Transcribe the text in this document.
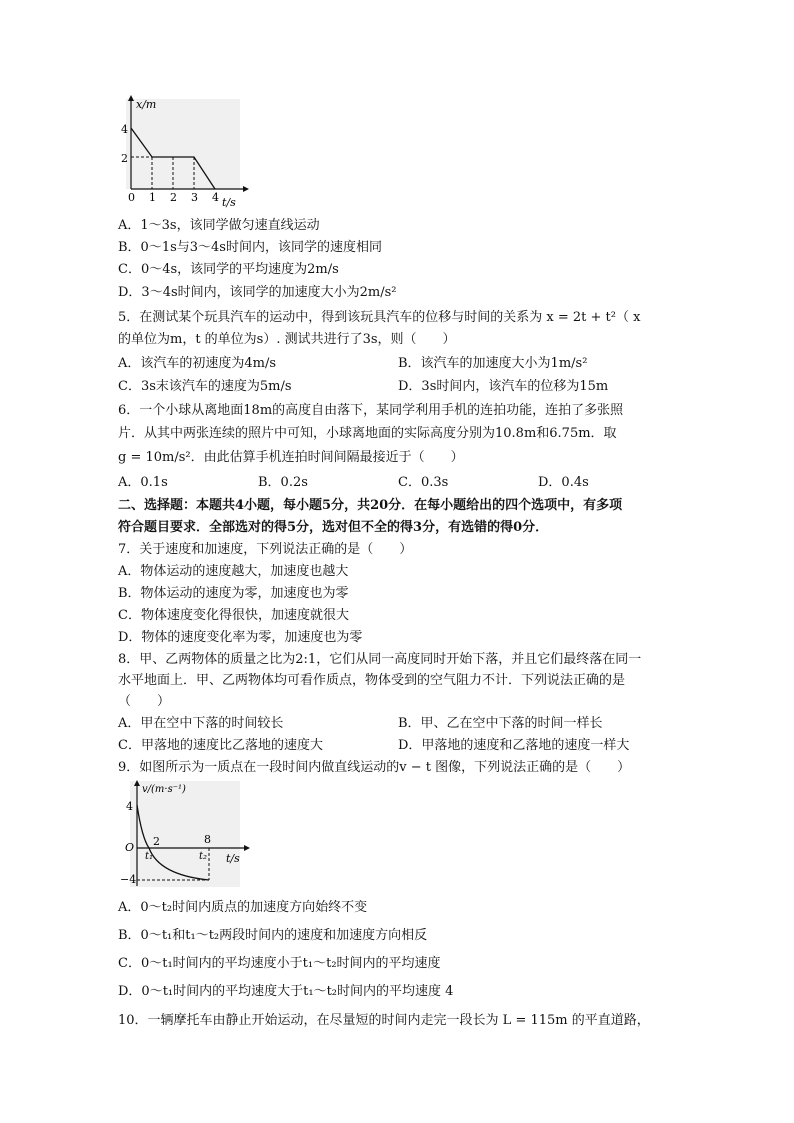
x/m
t/s
4
2
0 1 2 3 4
A．1～3s，该同学做匀速直线运动
B．0～1s与3～4s时间内，该同学的速度相同
C．0～4s，该同学的平均速度为2m/s
D．3～4s时间内，该同学的加速度大小为2m/s²
5．在测试某个玩具汽车的运动中，得到该玩具汽车的位移与时间的关系为 x = 2t + t²（ x
的单位为m，t 的单位为s）. 测试共进行了3s，则（　　）
A．该汽车的初速度为4m/s	B．该汽车的加速度大小为1m/s²
C．3s末该汽车的速度为5m/s	D．3s时间内，该汽车的位移为15m
6．一个小球从离地面18m的高度自由落下，某同学利用手机的连拍功能，连拍了多张照
片．从其中两张连续的照片中可知，小球离地面的实际高度分别为10.8m和6.75m．取
g = 10m/s²．由此估算手机连拍时间间隔最接近于（　　）
A．0.1s	B．0.2s	C．0.3s	D．0.4s
二、选择题：本题共4小题，每小题5分，共20分．在每小题给出的四个选项中，有多项
符合题目要求．全部选对的得5分，选对但不全的得3分，有选错的得0分．
7．关于速度和加速度，下列说法正确的是（　　）
A．物体运动的速度越大，加速度也越大
B．物体运动的速度为零，加速度也为零
C．物体速度变化得很快，加速度就很大
D．物体的速度变化率为零，加速度也为零
8．甲、乙两物体的质量之比为2:1，它们从同一高度同时开始下落，并且它们最终落在同一
水平地面上．甲、乙两物体均可看作质点，物体受到的空气阻力不计．下列说法正确的是
（　　）
A．甲在空中下落的时间较长	B．甲、乙在空中下落的时间一样长
C．甲落地的速度比乙落地的速度大	D．甲落地的速度和乙落地的速度一样大
9．如图所示为一质点在一段时间内做直线运动的v − t 图像，下列说法正确的是（　　）
v/(m·s⁻¹)
t/s
4
−4
O 2	8
t₁	t₂
A．0～t₂时间内质点的加速度方向始终不变
B．0～t₁和t₁～t₂两段时间内的速度和加速度方向相反
C．0～t₁时间内的平均速度小于t₁～t₂时间内的平均速度
D．0～t₁时间内的平均速度大于t₁～t₂时间内的平均速度 4
10．一辆摩托车由静止开始运动，在尽量短的时间内走完一段长为 L = 115m 的平直道路，
